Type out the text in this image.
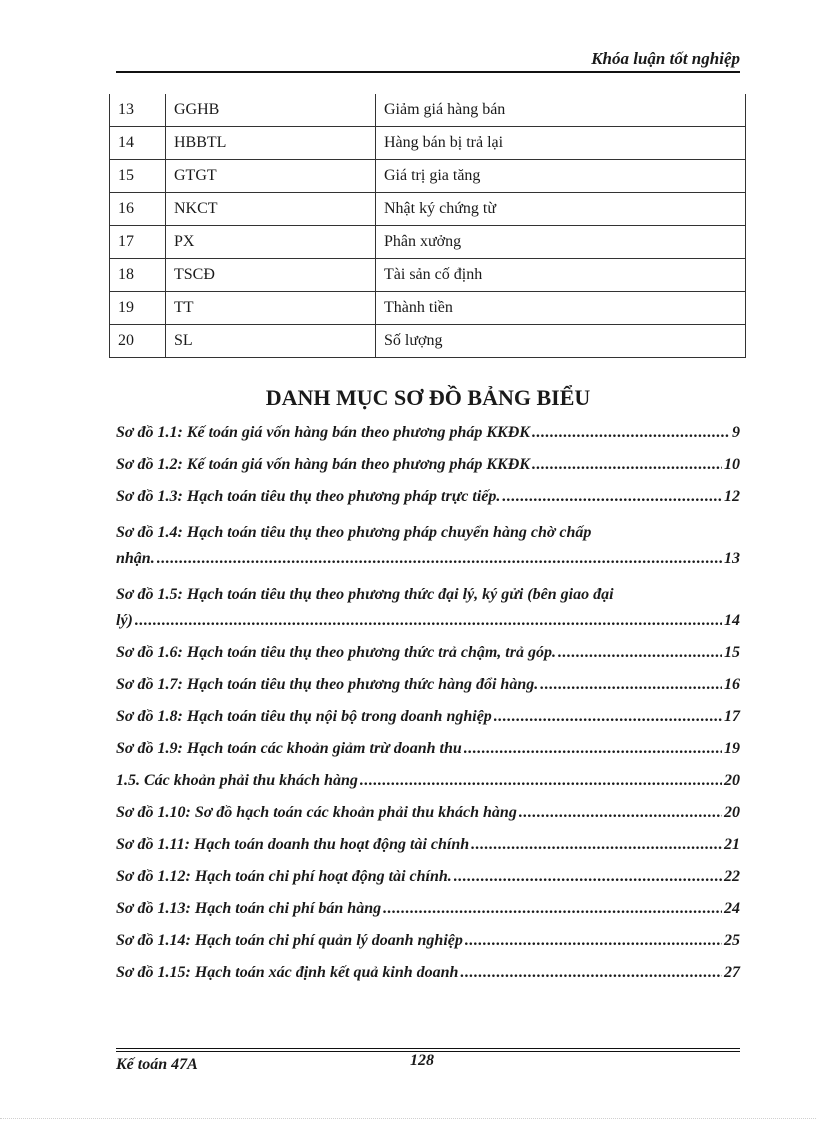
Khóa luận tốt nghiệp
13	GGHB	Giảm giá hàng bán
14	HBBTL	Hàng bán bị trả lại
15	GTGT	Giá trị gia tăng
16	NKCT	Nhật ký chứng từ
17	PX	Phân xưởng
18	TSCĐ	Tài sản cố định
19	TT	Thành tiền
20	SL	Số lượng
DANH MỤC SƠ ĐỒ BẢNG BIỂU
Sơ đồ 1.1: Kế toán giá vốn hàng bán theo phương pháp KKĐK .....	9
Sơ đồ 1.2: Kế toán giá vốn hàng bán theo phương pháp KKĐK .....	10
Sơ đồ 1.3: Hạch toán tiêu thụ theo phương pháp trực tiếp. .....	12
Sơ đồ 1.4: Hạch toán tiêu thụ theo phương pháp chuyển hàng chờ chấp
nhận. .....	13
Sơ đồ 1.5: Hạch toán tiêu thụ theo phương thức đại lý, ký gửi (bên giao đại
lý) .....	14
Sơ đồ 1.6: Hạch toán tiêu thụ theo phương thức trả chậm, trả góp. .....	15
Sơ đồ 1.7: Hạch toán tiêu thụ theo phương thức hàng đổi hàng. .....	16
Sơ đồ 1.8: Hạch toán tiêu thụ nội bộ trong doanh nghiệp .....	17
Sơ đồ 1.9: Hạch toán các khoản giảm trừ doanh thu .....	19
1.5. Các khoản phải thu khách hàng .....	20
Sơ đồ 1.10: Sơ đồ hạch toán các khoản phải thu khách hàng .....	20
Sơ đồ 1.11: Hạch toán doanh thu hoạt động tài chính .....	21
Sơ đồ 1.12: Hạch toán chi phí hoạt động tài chính. .....	22
Sơ đồ 1.13: Hạch toán chi phí bán hàng .....	24
Sơ đồ 1.14: Hạch toán chi phí quản lý doanh nghiệp .....	25
Sơ đồ 1.15: Hạch toán xác định kết quả kinh doanh .....	27
Kế toán 47A	128
